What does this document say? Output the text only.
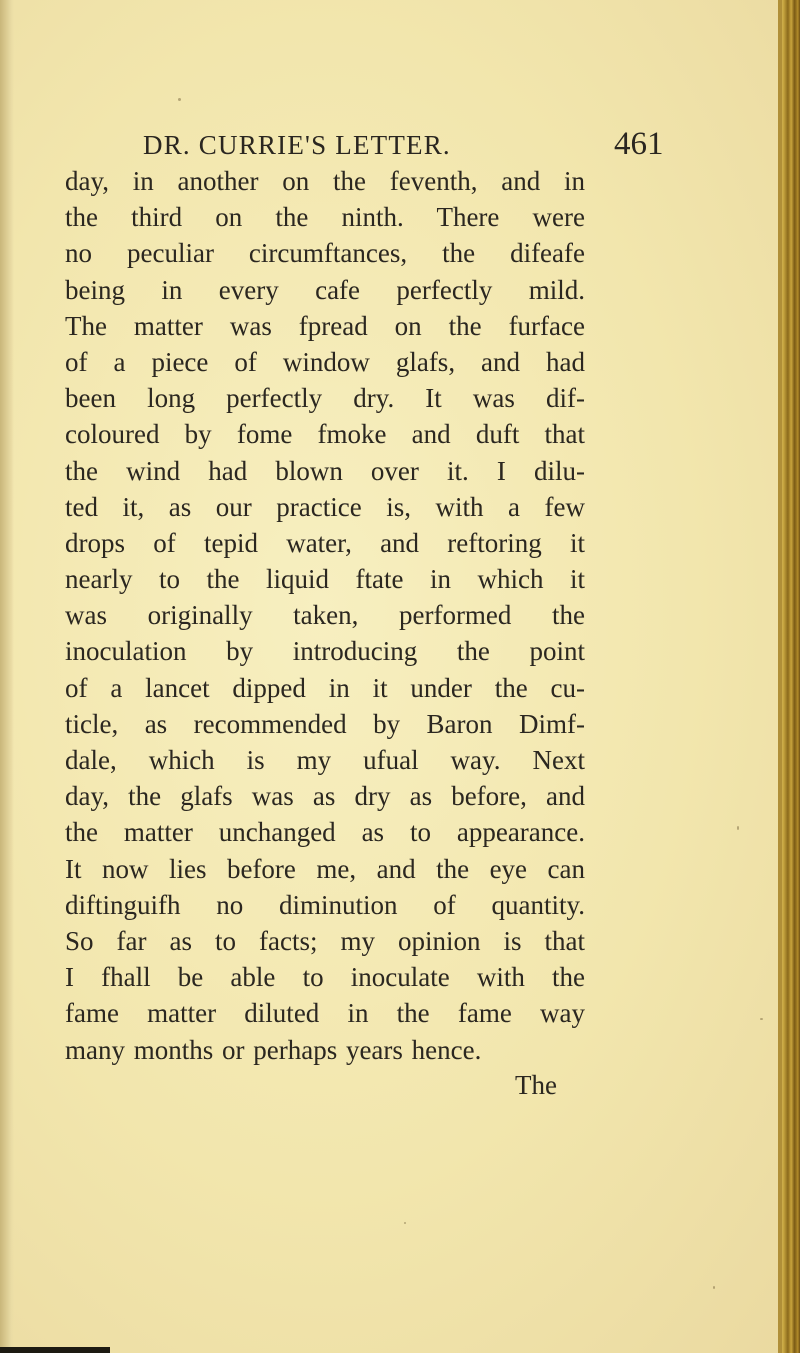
DR. CURRIE'S LETTER.	461
day, in another on the feventh, and in
the third on the ninth. There were
no peculiar circumftances, the difeafe
being in every cafe perfectly mild.
The matter was fpread on the furface
of a piece of window glafs, and had
been long perfectly dry. It was dif-
coloured by fome fmoke and duft that
the wind had blown over it. I dilu-
ted it, as our practice is, with a few
drops of tepid water, and reftoring it
nearly to the liquid ftate in which it
was originally taken, performed the
inoculation by introducing the point
of a lancet dipped in it under the cu-
ticle, as recommended by Baron Dimf-
dale, which is my ufual way. Next
day, the glafs was as dry as before, and
the matter unchanged as to appearance.
It now lies before me, and the eye can
diftinguifh no diminution of quantity.
So far as to facts; my opinion is that
I fhall be able to inoculate with the
fame matter diluted in the fame way
many months or perhaps years hence.
The
